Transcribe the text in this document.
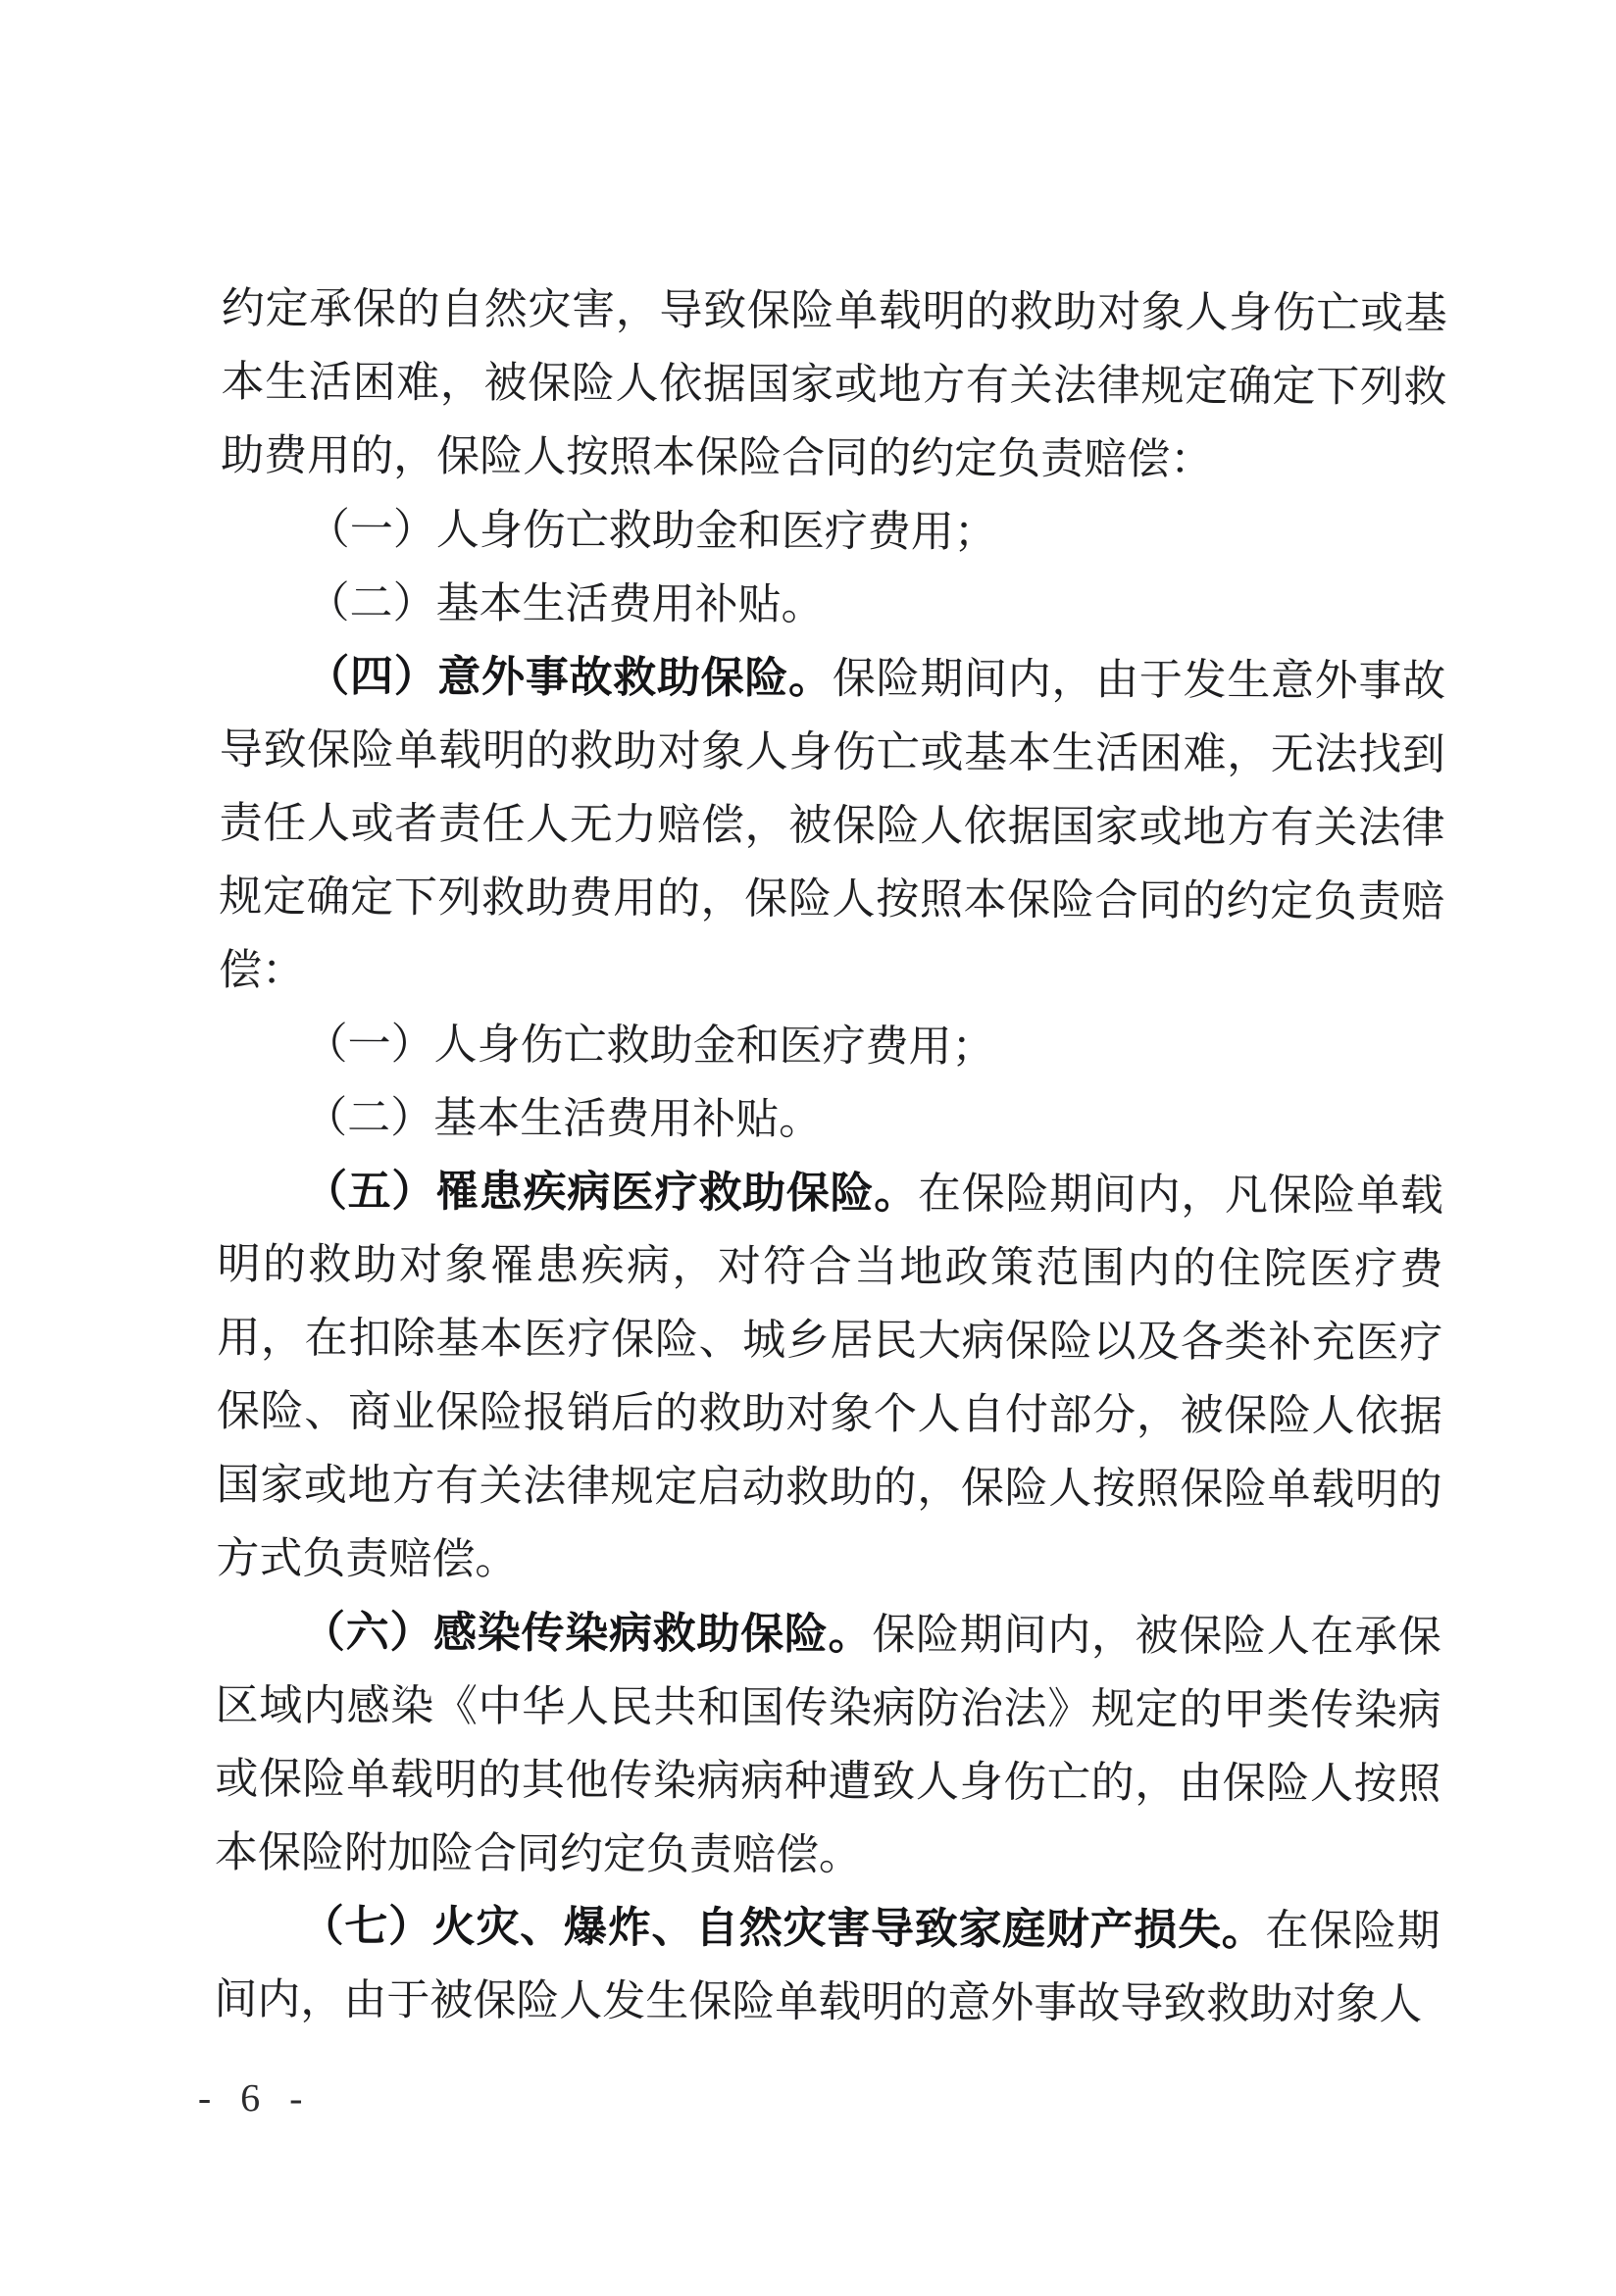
约定承保的自然灾害，导致保险单载明的救助对象人身伤亡或基本生活困难，被保险人依据国家或地方有关法律规定确定下列救助费用的，保险人按照本保险合同的约定负责赔偿：

（一）人身伤亡救助金和医疗费用；

（二）基本生活费用补贴。

（四）意外事故救助保险。保险期间内，由于发生意外事故导致保险单载明的救助对象人身伤亡或基本生活困难，无法找到责任人或者责任人无力赔偿，被保险人依据国家或地方有关法律规定确定下列救助费用的，保险人按照本保险合同的约定负责赔偿：

（一）人身伤亡救助金和医疗费用；

（二）基本生活费用补贴。

（五）罹患疾病医疗救助保险。在保险期间内，凡保险单载明的救助对象罹患疾病，对符合当地政策范围内的住院医疗费用，在扣除基本医疗保险、城乡居民大病保险以及各类补充医疗保险、商业保险报销后的救助对象个人自付部分，被保险人依据国家或地方有关法律规定启动救助的，保险人按照保险单载明的方式负责赔偿。

（六）感染传染病救助保险。保险期间内，被保险人在承保区域内感染《中华人民共和国传染病防治法》规定的甲类传染病或保险单载明的其他传染病病种遭致人身伤亡的，由保险人按照本保险附加险合同约定负责赔偿。

（七）火灾、爆炸、自然灾害导致家庭财产损失。在保险期间内，由于被保险人发生保险单载明的意外事故导致救助对象人

- 6 -
